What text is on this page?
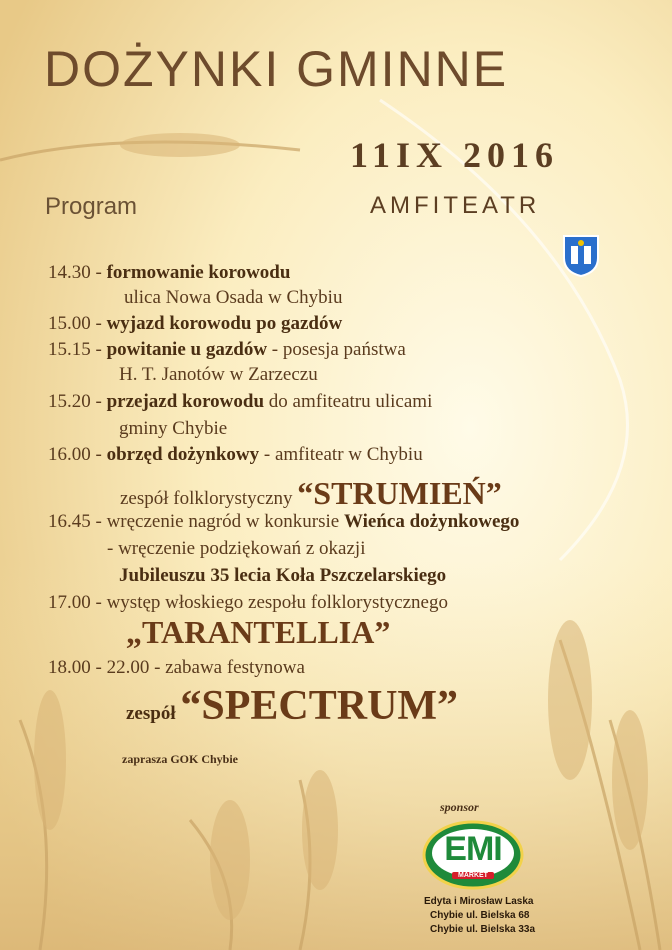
DOŻYNKI GMINNE
11IX 2016
AMFITEATR
Program
14.30 - formowanie korowodu
ulica Nowa Osada w Chybiu
15.00 - wyjazd korowodu po gazdów
15.15 - powitanie u gazdów - posesja państwa
H. T. Janotów w Zarzeczu
15.20 - przejazd korowodu do amfiteatru ulicami
gminy Chybie
16.00 - obrzęd dożynkowy - amfiteatr w Chybiu
zespół folklorystyczny “STRUMIEŃ”
16.45 - wręczenie nagród w konkursie Wieńca dożynkowego
- wręczenie podziękowań z okazji
Jubileuszu 35 lecia Koła Pszczelarskiego
17.00 - występ włoskiego zespołu folklorystycznego
„TARANTELLIA”
18.00 - 22.00 - zabawa festynowa
zespół “SPECTRUM”
zaprasza GOK Chybie
sponsor
EMI
MARKET
Edyta i Mirosław Laska
Chybie ul. Bielska 68
Chybie ul. Bielska 33a
